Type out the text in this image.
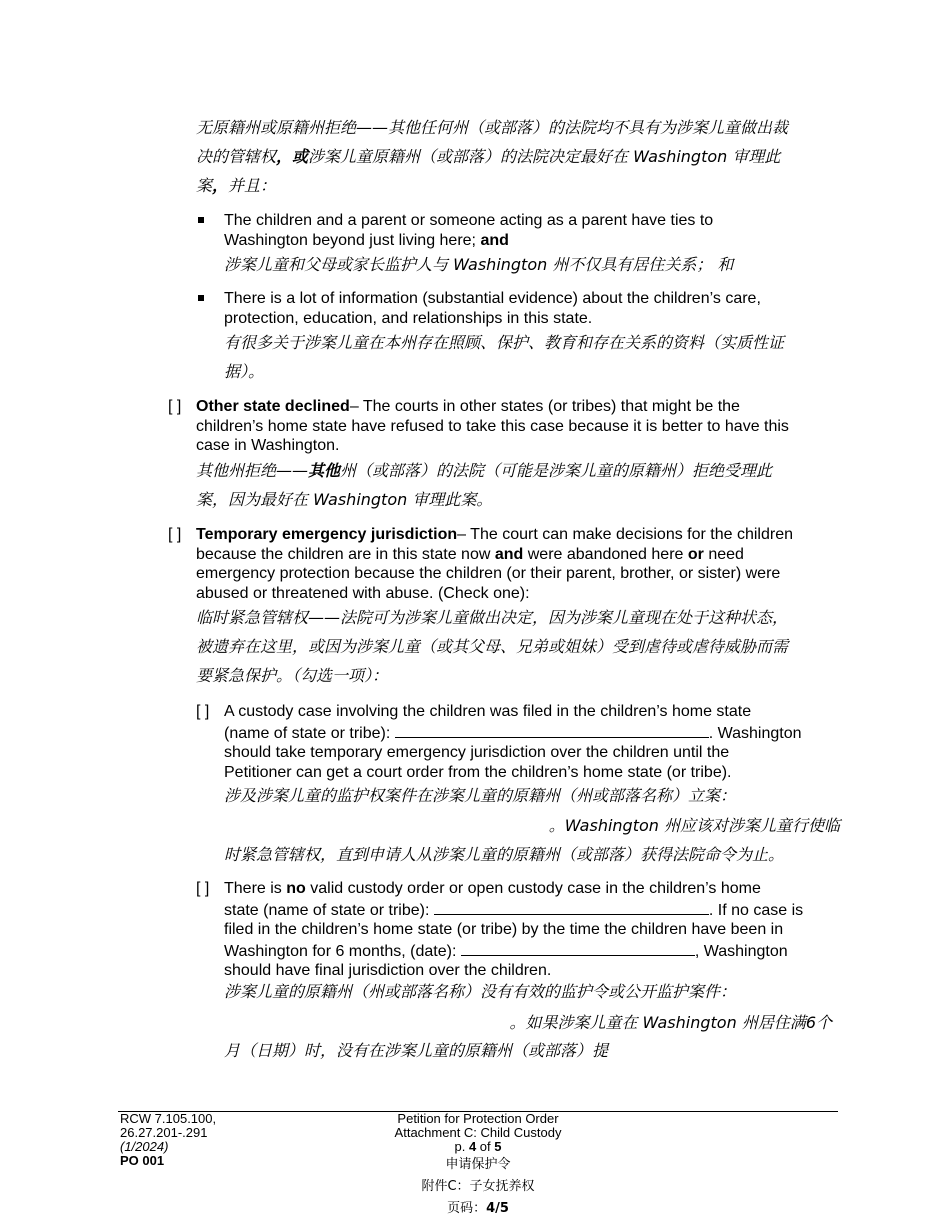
无原籍州或原籍州拒绝——其他任何州（或部落）的法院均不具有为涉案儿童做出裁
决的管辖权，或涉案儿童原籍州（或部落）的法院决定最好在 Washington 审理此
案，并且：
The children and a parent or someone acting as a parent have ties to
Washington beyond just living here; and
涉案儿童和父母或家长监护人与 Washington 州不仅具有居住关系； 和
There is a lot of information (substantial evidence) about the children’s care,
protection, education, and relationships in this state.
有很多关于涉案儿童在本州存在照顾、保护、教育和存在关系的资料（实质性证
据）。
[ ] Other state declined– The courts in other states (or tribes) that might be the
children’s home state have refused to take this case because it is better to have this
case in Washington.
其他州拒绝——其他州（或部落）的法院（可能是涉案儿童的原籍州）拒绝受理此
案，因为最好在 Washington 审理此案。
[ ] Temporary emergency jurisdiction– The court can make decisions for the children
because the children are in this state now and were abandoned here or need
emergency protection because the children (or their parent, brother, or sister) were
abused or threatened with abuse. (Check one):
临时紧急管辖权——法院可为涉案儿童做出决定，因为涉案儿童现在处于这种状态，
被遗弃在这里，或因为涉案儿童（或其父母、兄弟或姐妹）受到虐待或虐待威胁而需
要紧急保护。（勾选一项）：
[ ] A custody case involving the children was filed in the children’s home state
(name of state or tribe):	. Washington
should take temporary emergency jurisdiction over the children until the
Petitioner can get a court order from the children’s home state (or tribe).
涉及涉案儿童的监护权案件在涉案儿童的原籍州（州或部落名称）立案：
。Washington 州应该对涉案儿童行使临
时紧急管辖权，直到申请人从涉案儿童的原籍州（或部落）获得法院命令为止。
[ ] There is no valid custody order or open custody case in the children’s home
state (name of state or tribe):	. If no case is
filed in the children’s home state (or tribe) by the time the children have been in
Washington for 6 months, (date):	, Washington
should have final jurisdiction over the children.
涉案儿童的原籍州（州或部落名称）没有有效的监护令或公开监护案件：
。如果涉案儿童在 Washington 州居住满6个
月（日期）时，没有在涉案儿童的原籍州（或部落）提
RCW 7.105.100,
26.27.201-.291
(1/2024)
PO 001
Petition for Protection Order
Attachment C: Child Custody
p. 4 of 5
申请保护令
附件C：子女抚养权
页码：4/5
